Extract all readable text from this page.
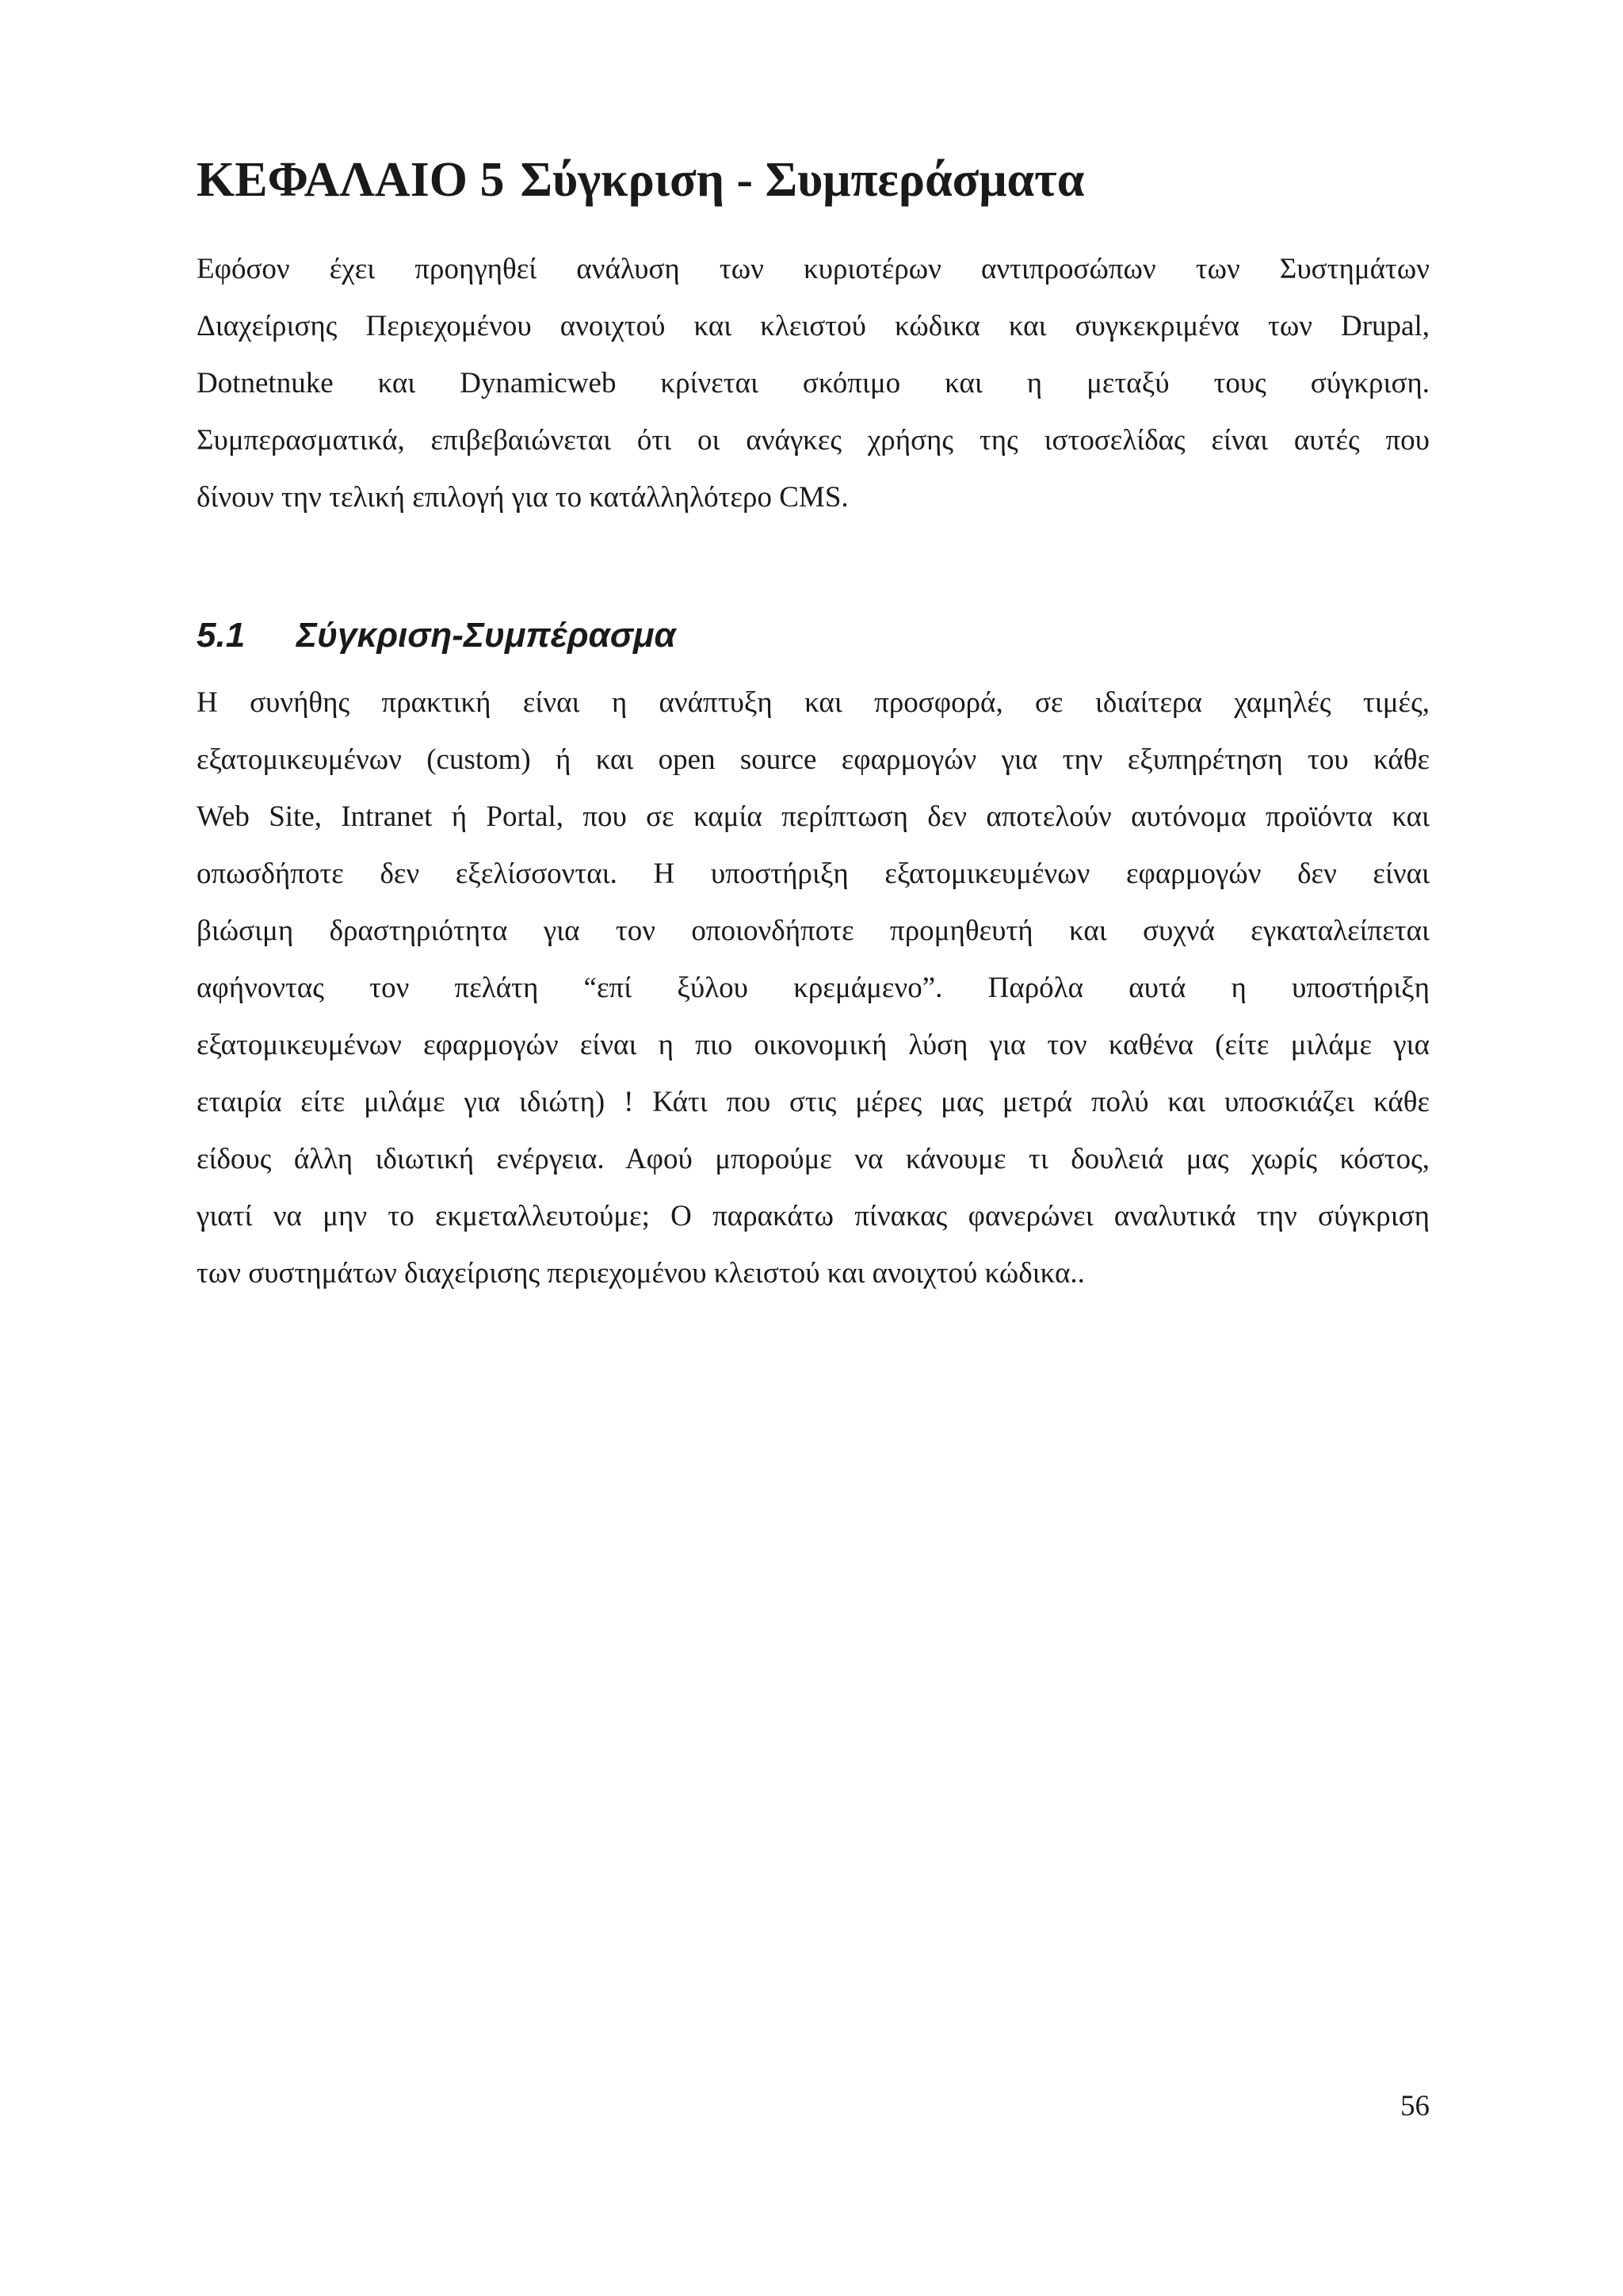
ΚΕΦΑΛΑΙΟ 5 Σύγκριση - Συμπεράσματα

Εφόσον έχει προηγηθεί ανάλυση των κυριοτέρων αντιπροσώπων των Συστημάτων
Διαχείρισης Περιεχομένου ανοιχτού και κλειστού κώδικα και συγκεκριμένα των Drupal,
Dotnetnuke και Dynamicweb κρίνεται σκόπιμο και η μεταξύ τους σύγκριση.
Συμπερασματικά, επιβεβαιώνεται ότι οι ανάγκες χρήσης της ιστοσελίδας είναι αυτές που
δίνουν την τελική επιλογή για το κατάλληλότερο CMS.

5.1 Σύγκριση-Συμπέρασμα

Η συνήθης πρακτική είναι η ανάπτυξη και προσφορά, σε ιδιαίτερα χαμηλές τιμές,
εξατομικευμένων (custom) ή και open source εφαρμογών για την εξυπηρέτηση του κάθε
Web Site, Intranet ή Portal, που σε καμία περίπτωση δεν αποτελούν αυτόνομα προϊόντα και
οπωσδήποτε δεν εξελίσσονται. Η υποστήριξη εξατομικευμένων εφαρμογών δεν είναι
βιώσιμη δραστηριότητα για τον οποιονδήποτε προμηθευτή και συχνά εγκαταλείπεται
αφήνοντας τον πελάτη “επί ξύλου κρεμάμενο”. Παρόλα αυτά η υποστήριξη
εξατομικευμένων εφαρμογών είναι η πιο οικονομική λύση για τον καθένα (είτε μιλάμε για
εταιρία είτε μιλάμε για ιδιώτη) ! Κάτι που στις μέρες μας μετρά πολύ και υποσκιάζει κάθε
είδους άλλη ιδιωτική ενέργεια. Αφού μπορούμε να κάνουμε τι δουλειά μας χωρίς κόστος,
γιατί να μην το εκμεταλλευτούμε; Ο παρακάτω πίνακας φανερώνει αναλυτικά την σύγκριση
των συστημάτων διαχείρισης περιεχομένου κλειστού και ανοιχτού κώδικα..

56
